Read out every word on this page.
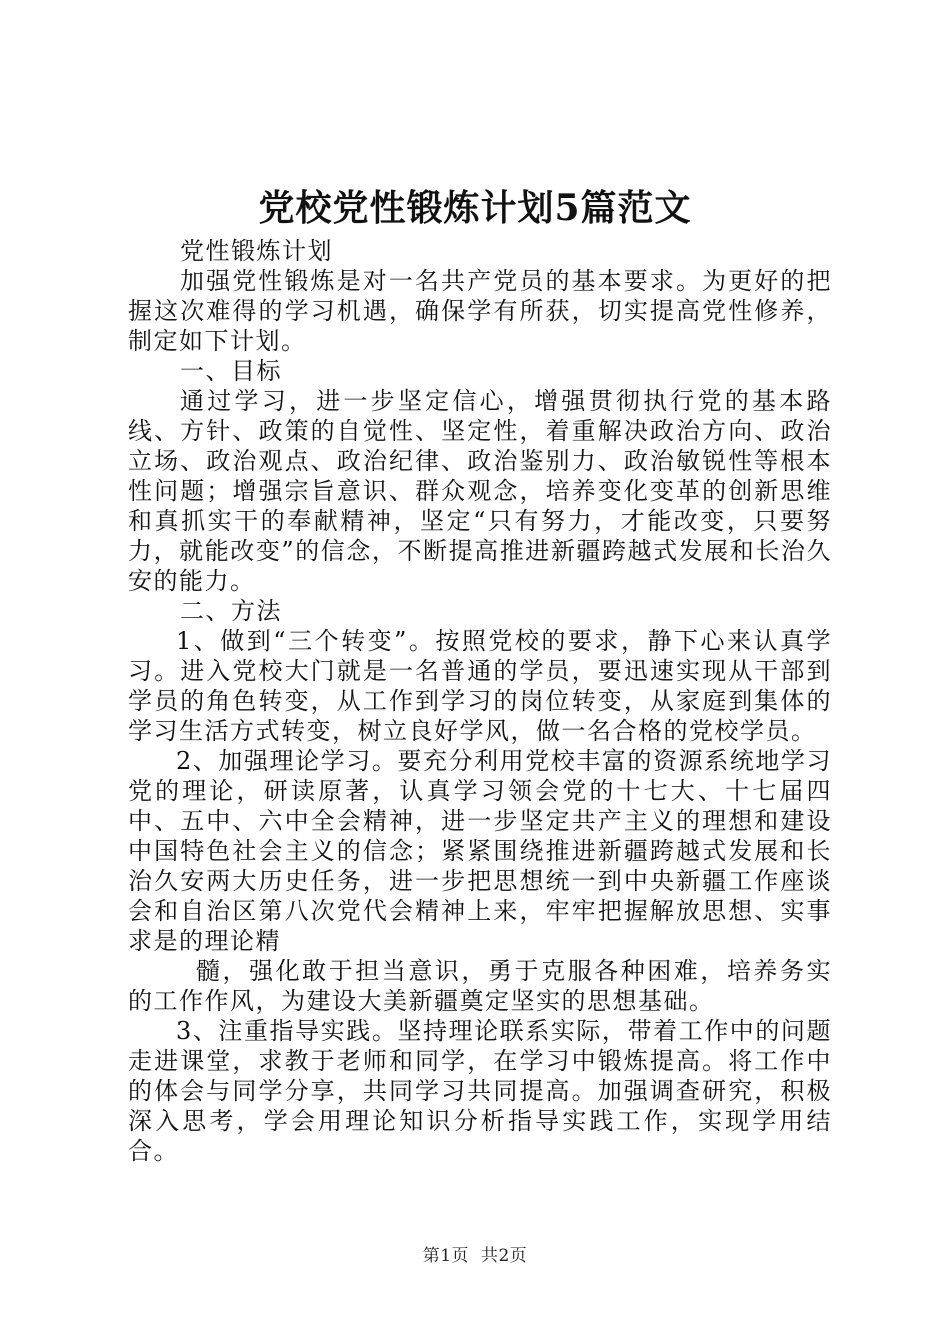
党校党性锻炼计划5篇范文

党性锻炼计划

加强党性锻炼是对一名共产党员的基本要求。为更好的把握这次难得的学习机遇，确保学有所获，切实提高党性修养，制定如下计划。

一、目标

通过学习，进一步坚定信心，增强贯彻执行党的基本路线、方针、政策的自觉性、坚定性，着重解决政治方向、政治立场、政治观点、政治纪律、政治鉴别力、政治敏锐性等根本性问题；增强宗旨意识、群众观念，培养变化变革的创新思维和真抓实干的奉献精神，坚定“只有努力，才能改变，只要努力，就能改变”的信念，不断提高推进新疆跨越式发展和长治久安的能力。

二、方法

1、做到“三个转变”。按照党校的要求，静下心来认真学习。进入党校大门就是一名普通的学员，要迅速实现从干部到学员的角色转变，从工作到学习的岗位转变，从家庭到集体的学习生活方式转变，树立良好学风，做一名合格的党校学员。

2、加强理论学习。要充分利用党校丰富的资源系统地学习党的理论，研读原著，认真学习领会党的十七大、十七届四中、五中、六中全会精神，进一步坚定共产主义的理想和建设中国特色社会主义的信念；紧紧围绕推进新疆跨越式发展和长治久安两大历史任务，进一步把思想统一到中央新疆工作座谈会和自治区第八次党代会精神上来，牢牢把握解放思想、实事求是的理论精

髓，强化敢于担当意识，勇于克服各种困难，培养务实的工作作风，为建设大美新疆奠定坚实的思想基础。

3、注重指导实践。坚持理论联系实际，带着工作中的问题走进课堂，求教于老师和同学，在学习中锻炼提高。将工作中的体会与同学分享，共同学习共同提高。加强调查研究，积极深入思考，学会用理论知识分析指导实践工作，实现学用结合。

第1页 共2页
